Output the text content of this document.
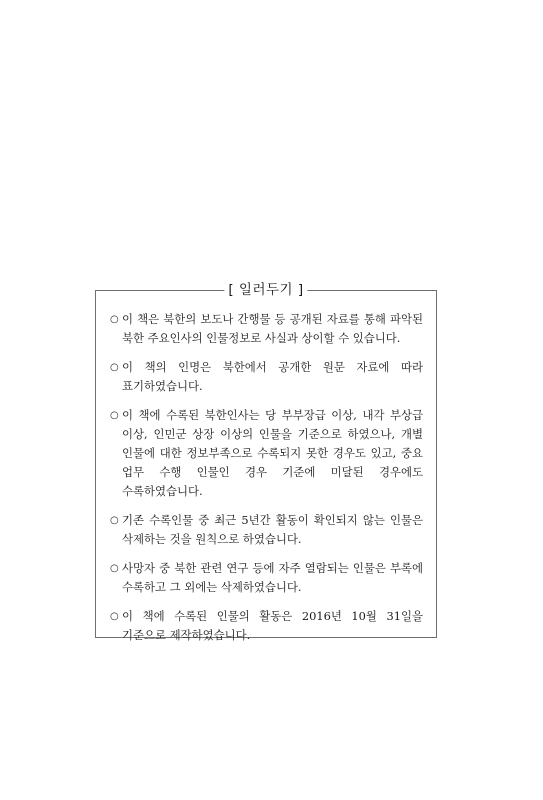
[ 일러두기 ]
○ 이 책은 북한의 보도나 간행물 등 공개된 자료를 통해 파악된 북한 주요인사의 인물정보로 사실과 상이할 수 있습니다.
○ 이 책의 인명은 북한에서 공개한 원문 자료에 따라 표기하였습니다.
○ 이 책에 수록된 북한인사는 당 부부장급 이상, 내각 부상급 이상, 인민군 상장 이상의 인물을 기준으로 하였으나, 개별 인물에 대한 정보부족으로 수록되지 못한 경우도 있고, 중요 업무 수행 인물인 경우 기준에 미달된 경우에도 수록하였습니다.
○ 기존 수록인물 중 최근 5년간 활동이 확인되지 않는 인물은 삭제하는 것을 원칙으로 하였습니다.
○ 사망자 중 북한 관련 연구 등에 자주 열람되는 인물은 부록에 수록하고 그 외에는 삭제하였습니다.
○ 이 책에 수록된 인물의 활동은 2016년 10월 31일을 기준으로 제작하였습니다.
